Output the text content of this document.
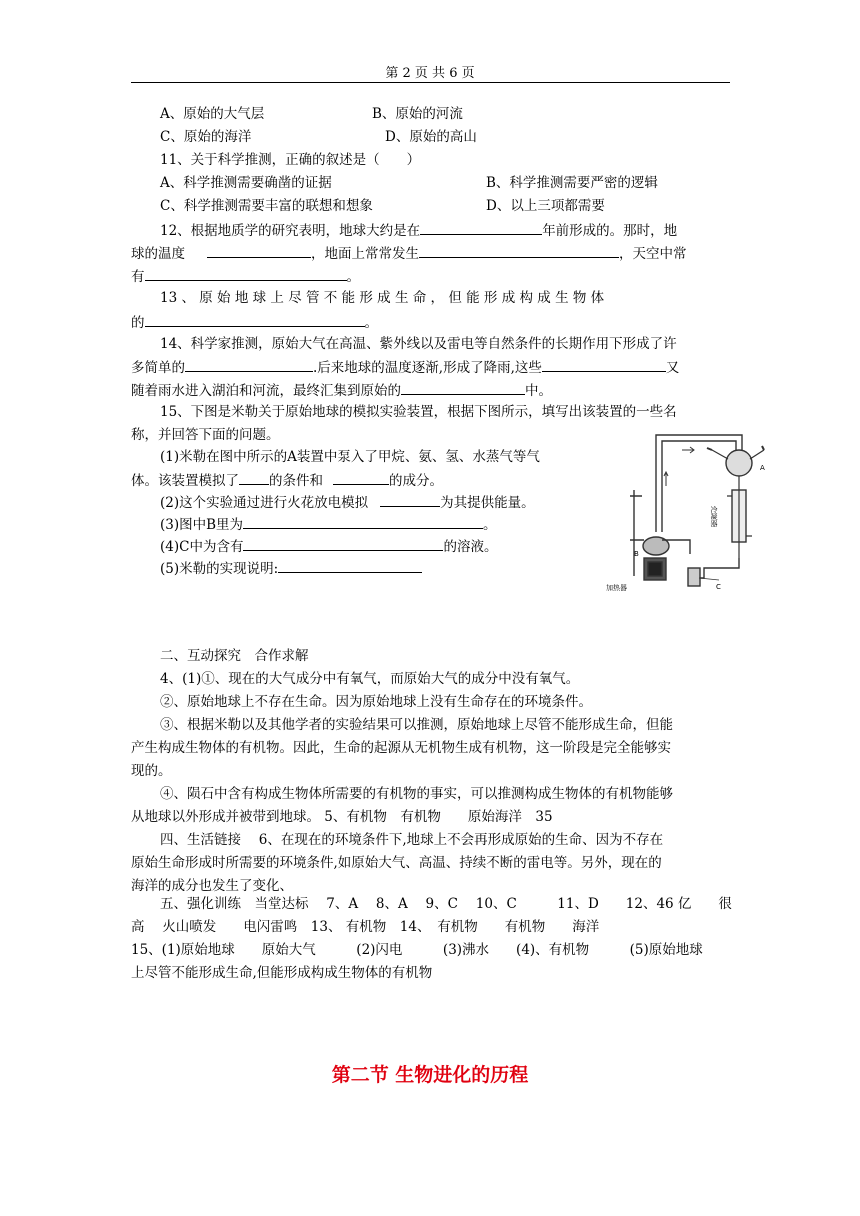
第 2 页 共 6 页
A、原始的大气层	B、原始的河流
C、原始的海洋	D、原始的高山
11、关于科学推测，正确的叙述是（　　）
A、科学推测需要确凿的证据	B、科学推测需要严密的逻辑
C、科学推测需要丰富的联想和想象	D、以上三项都需要
12、根据地质学的研究表明，地球大约是在	年前形成的。那时，地
球的温度	，地面上常常发生	，天空中常
有	。
13 、 原 始 地 球 上 尽 管 不 能 形 成 生 命 ， 但 能 形 成 构 成 生 物 体
的	。
14、科学家推测，原始大气在高温、紫外线以及雷电等自然条件的长期作用下形成了许
多简单的	.后来地球的温度逐渐,形成了降雨,这些	又
随着雨水进入湖泊和河流，最终汇集到原始的	中。
15、下图是米勒关于原始地球的模拟实验装置，根据下图所示，填写出该装置的一些名
称，并回答下面的问题。
(1)米勒在图中所示的A装置中泵入了甲烷、氨、氢、水蒸气等气
体。该装置模拟了 的条件和	的成分。
(2)这个实验通过进行火花放电模拟	为其提供能量。
(3)图中B里为	。
(4)C中为含有	的溶液。
(5)米勒的实现说明:
A
B
C
冷凝器
加热器
二、互动探究　合作求解
4、(1)①、现在的大气成分中有氧气，而原始大气的成分中没有氧气。
②、原始地球上不存在生命。因为原始地球上没有生命存在的环境条件。
③、根据米勒以及其他学者的实验结果可以推测，原始地球上尽管不能形成生命，但能
产生构成生物体的有机物。因此，生命的起源从无机物生成有机物，这一阶段是完全能够实
现的。
④、陨石中含有构成生物体所需要的有机物的事实，可以推测构成生物体的有机物能够
从地球以外形成并被带到地球。 5、有机物　有机物　　原始海洋　35
四、生活链接　 6、在现在的环境条件下,地球上不会再形成原始的生命、因为不存在
原始生命形成时所需要的环境条件,如原始大气、高温、持续不断的雷电等。另外，现在的
海洋的成分也发生了变化、
五、强化训练　当堂达标　 7、A　 8、A　 9、C　 10、C　　　11、D　　12、46 亿　　很
高　 火山喷发　　电闪雷鸣　13、 有机物　14、　有机物　　有机物　　海洋
15、(1)原始地球　　原始大气　　　(2)闪电　　　(3)沸水　　(4)、有机物　　　(5)原始地球
上尽管不能形成生命,但能形成构成生物体的有机物
第二节 生物进化的历程
